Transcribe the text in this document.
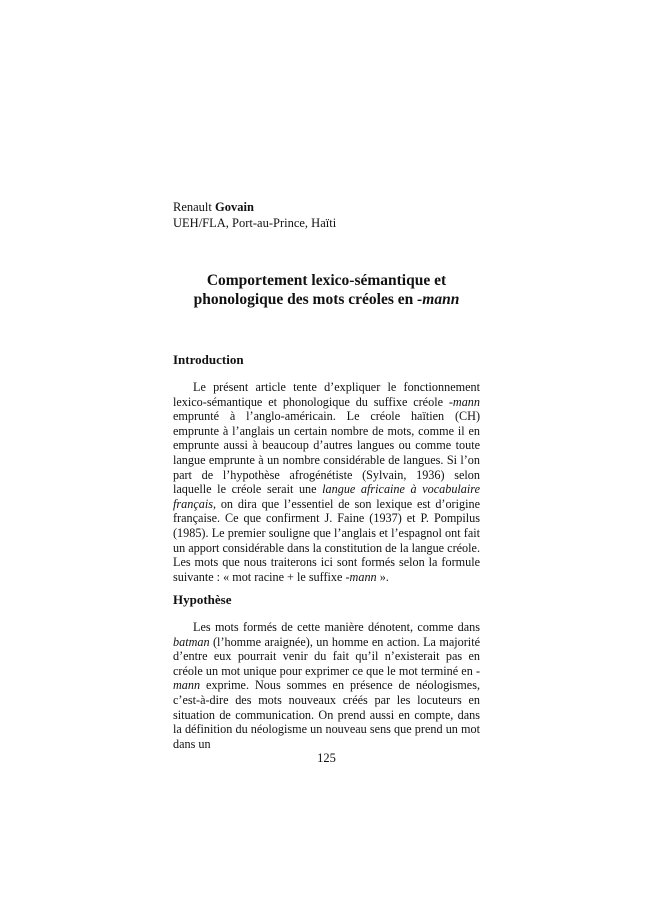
Renault Govain
UEH/FLA, Port-au-Prince, Haïti
Comportement lexico-sémantique et
phonologique des mots créoles en -mann
Introduction
Le présent article tente d’expliquer le fonctionnement lexico-sémantique et phonologique du suffixe créole -mann emprunté à l’anglo-américain. Le créole haïtien (CH) emprunte à l’anglais un certain nombre de mots, comme il en emprunte aussi à beaucoup d’autres langues ou comme toute langue emprunte à un nombre considérable de langues. Si l’on part de l’hypothèse afrogénétiste (Sylvain, 1936) selon laquelle le créole serait une langue africaine à vocabulaire français, on dira que l’essentiel de son lexique est d’origine française. Ce que confirment J. Faine (1937) et P. Pompilus (1985). Le premier souligne que l’anglais et l’espagnol ont fait un apport considérable dans la constitution de la langue créole. Les mots que nous traiterons ici sont formés selon la formule suivante : « mot racine + le suffixe -mann ».
Hypothèse
Les mots formés de cette manière dénotent, comme dans batman (l’homme araignée), un homme en action. La majorité d’entre eux pourrait venir du fait qu’il n’existerait pas en créole un mot unique pour exprimer ce que le mot terminé en -mann exprime. Nous sommes en présence de néologismes, c’est-à-dire des mots nouveaux créés par les locuteurs en situation de communication. On prend aussi en compte, dans la définition du néologisme un nouveau sens que prend un mot dans un
125
